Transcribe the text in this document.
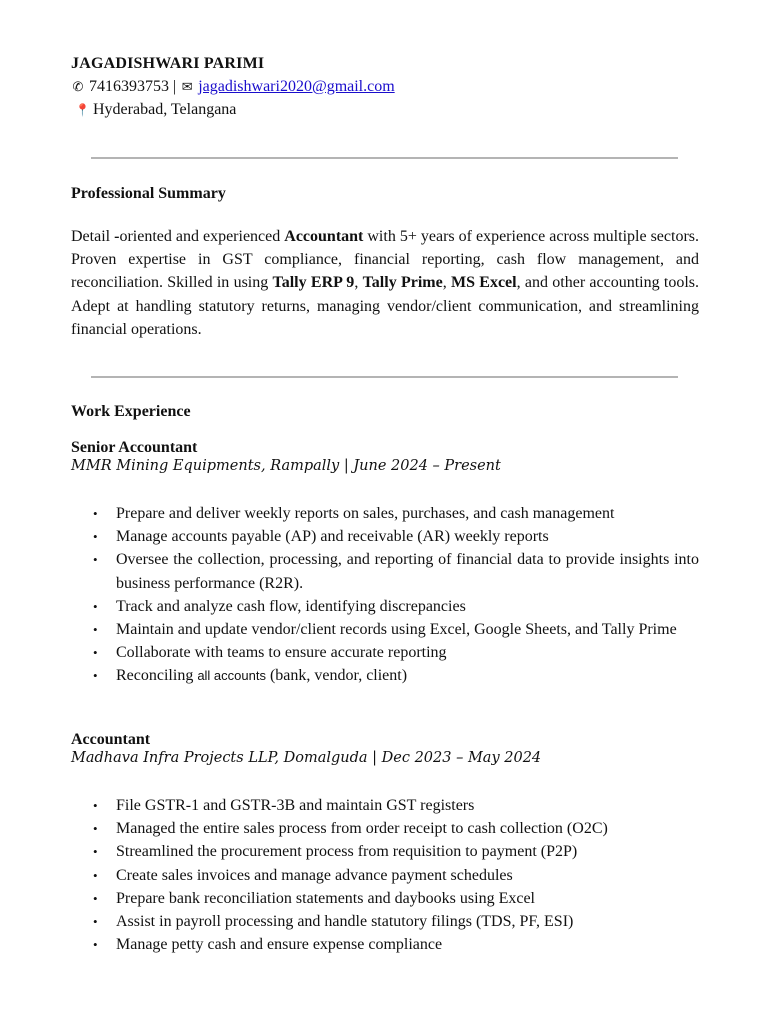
JAGADISHWARI PARIMI
✆ 7416393753 | ✉ jagadishwari2020@gmail.com
📍 Hyderabad, Telangana
Professional Summary
Detail -oriented and experienced Accountant with 5+ years of experience across multiple sectors. Proven expertise in GST compliance, financial reporting, cash flow management, and reconciliation. Skilled in using Tally ERP 9, Tally Prime, MS Excel, and other accounting tools. Adept at handling statutory returns, managing vendor/client communication, and streamlining financial operations.
Work Experience
Senior Accountant
MMR Mining Equipments, Rampally | June 2024 – Present
• Prepare and deliver weekly reports on sales, purchases, and cash management
• Manage accounts payable (AP) and receivable (AR) weekly reports
• Oversee the collection, processing, and reporting of financial data to provide insights into business performance (R2R).
• Track and analyze cash flow, identifying discrepancies
• Maintain and update vendor/client records using Excel, Google Sheets, and Tally Prime
• Collaborate with teams to ensure accurate reporting
• Reconciling all accounts (bank, vendor, client)
Accountant
Madhava Infra Projects LLP, Domalguda | Dec 2023 – May 2024
• File GSTR-1 and GSTR-3B and maintain GST registers
• Managed the entire sales process from order receipt to cash collection (O2C)
• Streamlined the procurement process from requisition to payment (P2P)
• Create sales invoices and manage advance payment schedules
• Prepare bank reconciliation statements and daybooks using Excel
• Assist in payroll processing and handle statutory filings (TDS, PF, ESI)
• Manage petty cash and ensure expense compliance
